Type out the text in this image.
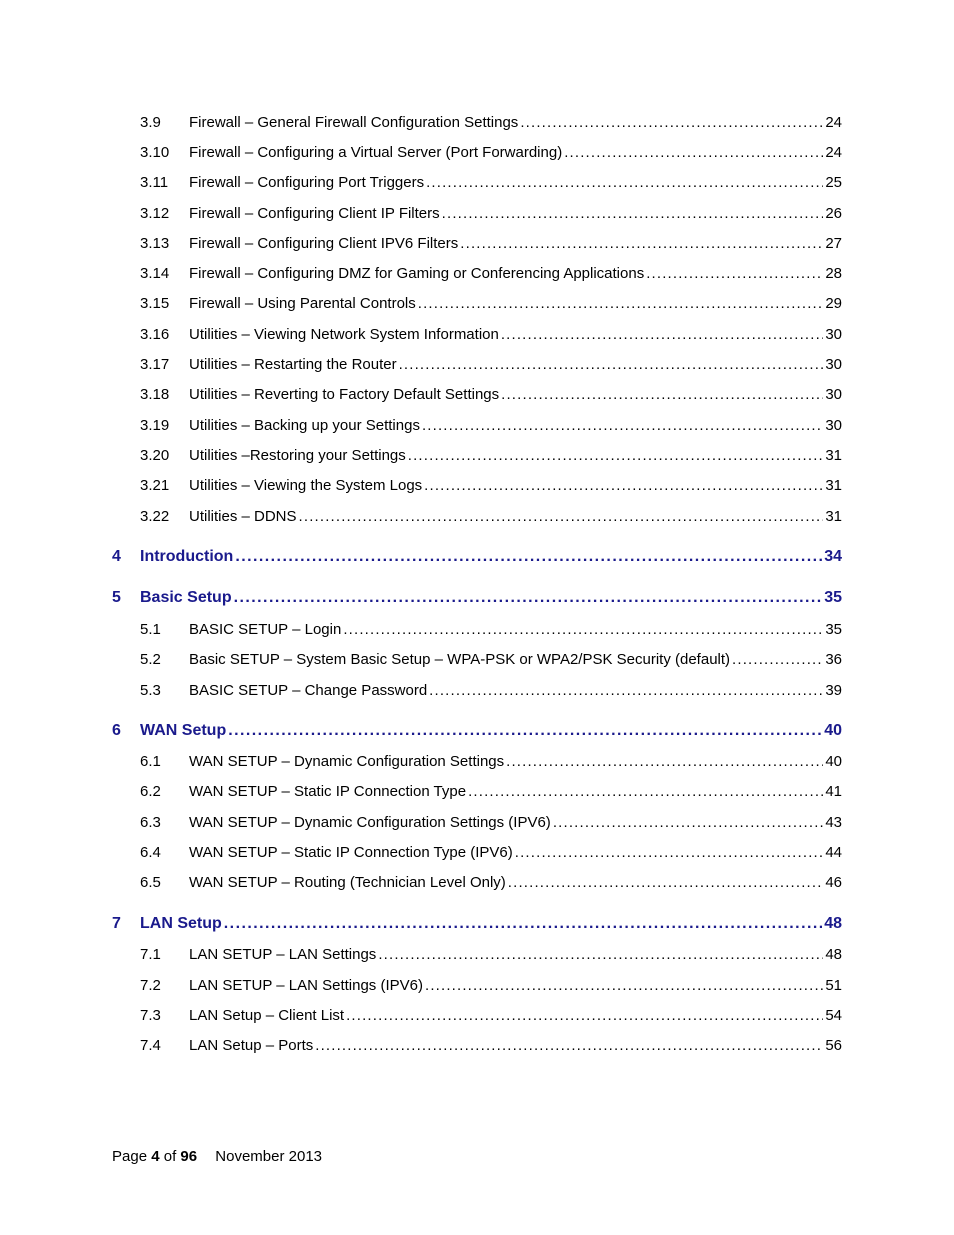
3.9 Firewall – General Firewall Configuration Settings . . .	24
3.10 Firewall – Configuring a Virtual Server (Port Forwarding) . . .	24
3.11 Firewall – Configuring Port Triggers . . .	25
3.12 Firewall – Configuring Client IP Filters . . .	26
3.13 Firewall – Configuring Client IPV6 Filters . . .	27
3.14 Firewall – Configuring DMZ for Gaming or Conferencing Applications . . .	28
3.15 Firewall – Using Parental Controls . . .	29
3.16 Utilities – Viewing Network System Information . . .	30
3.17 Utilities – Restarting the Router . . .	30
3.18 Utilities – Reverting to Factory Default Settings . . .	30
3.19 Utilities – Backing up your Settings . . .	30
3.20 Utilities –Restoring your Settings . . .	31
3.21 Utilities – Viewing the System Logs . . .	31
3.22 Utilities – DDNS . . .	31
4 Introduction . . .	34
5 Basic Setup . . .	35
5.1 BASIC SETUP – Login . . .	35
5.2 Basic SETUP – System Basic Setup – WPA-PSK or WPA2/PSK Security (default) . . .	36
5.3 BASIC SETUP – Change Password . . .	39
6 WAN Setup . . .	40
6.1 WAN SETUP – Dynamic Configuration Settings . . .	40
6.2 WAN SETUP – Static IP Connection Type . . .	41
6.3 WAN SETUP – Dynamic Configuration Settings (IPV6) . . .	43
6.4 WAN SETUP – Static IP Connection Type (IPV6) . . .	44
6.5 WAN SETUP – Routing (Technician Level Only) . . .	46
7 LAN Setup . . .	48
7.1 LAN SETUP – LAN Settings . . .	48
7.2 LAN SETUP – LAN Settings (IPV6) . . .	51
7.3 LAN Setup – Client List . . .	54
7.4 LAN Setup – Ports . . .	56
Page 4 of 96 November 2013
